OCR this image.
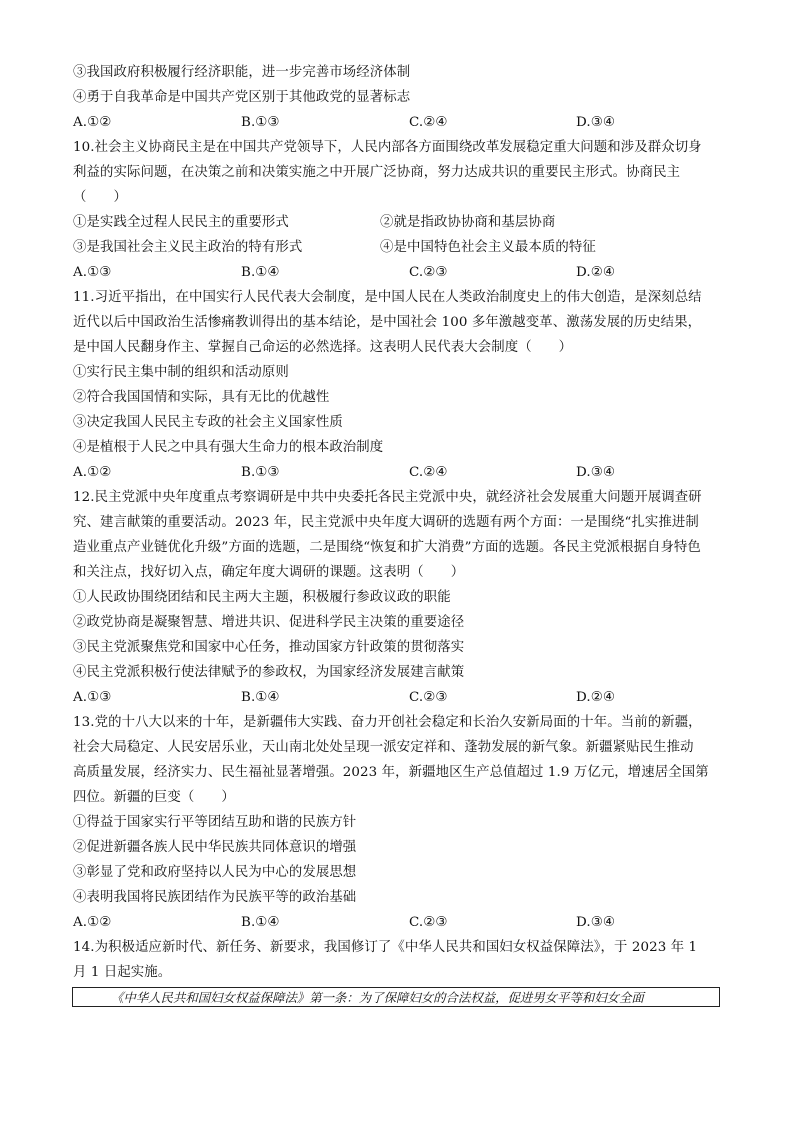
③我国政府积极履行经济职能，进一步完善市场经济体制
④勇于自我革命是中国共产党区别于其他政党的显著标志
A.①②	B.①③	C.②④	D.③④
10.社会主义协商民主是在中国共产党领导下，人民内部各方面围绕改革发展稳定重大问题和涉及群众切身
利益的实际问题，在决策之前和决策实施之中开展广泛协商，努力达成共识的重要民主形式。协商民主
（　　）
①是实践全过程人民民主的重要形式	②就是指政协协商和基层协商
③是我国社会主义民主政治的特有形式	④是中国特色社会主义最本质的特征
A.①③	B.①④	C.②③	D.②④
11.习近平指出，在中国实行人民代表大会制度，是中国人民在人类政治制度史上的伟大创造，是深刻总结
近代以后中国政治生活惨痛教训得出的基本结论，是中国社会 100 多年激越变革、激荡发展的历史结果，
是中国人民翻身作主、掌握自己命运的必然选择。这表明人民代表大会制度（　　）
①实行民主集中制的组织和活动原则
②符合我国国情和实际，具有无比的优越性
③决定我国人民民主专政的社会主义国家性质
④是植根于人民之中具有强大生命力的根本政治制度
A.①②	B.①③	C.②④	D.③④
12.民主党派中央年度重点考察调研是中共中央委托各民主党派中央，就经济社会发展重大问题开展调查研
究、建言献策的重要活动。2023 年，民主党派中央年度大调研的选题有两个方面：一是围绕“扎实推进制
造业重点产业链优化升级”方面的选题，二是围绕“恢复和扩大消费”方面的选题。各民主党派根据自身特色
和关注点，找好切入点，确定年度大调研的课题。这表明（　　）
①人民政协围绕团结和民主两大主题，积极履行参政议政的职能
②政党协商是凝聚智慧、增进共识、促进科学民主决策的重要途径
③民主党派聚焦党和国家中心任务，推动国家方针政策的贯彻落实
④民主党派积极行使法律赋予的参政权，为国家经济发展建言献策
A.①③	B.①④	C.②③	D.②④
13.党的十八大以来的十年，是新疆伟大实践、奋力开创社会稳定和长治久安新局面的十年。当前的新疆，
社会大局稳定、人民安居乐业，天山南北处处呈现一派安定祥和、蓬勃发展的新气象。新疆紧贴民生推动
高质量发展，经济实力、民生福祉显著增强。2023 年，新疆地区生产总值超过 1.9 万亿元，增速居全国第
四位。新疆的巨变（　　）
①得益于国家实行平等团结互助和谐的民族方针
②促进新疆各族人民中华民族共同体意识的增强
③彰显了党和政府坚持以人民为中心的发展思想
④表明我国将民族团结作为民族平等的政治基础
A.①②	B.①④	C.②③	D.③④
14.为积极适应新时代、新任务、新要求，我国修订了《中华人民共和国妇女权益保障法》，于 2023 年 1
月 1 日起实施。
《中华人民共和国妇女权益保障法》第一条：为了保障妇女的合法权益，促进男女平等和妇女全面
